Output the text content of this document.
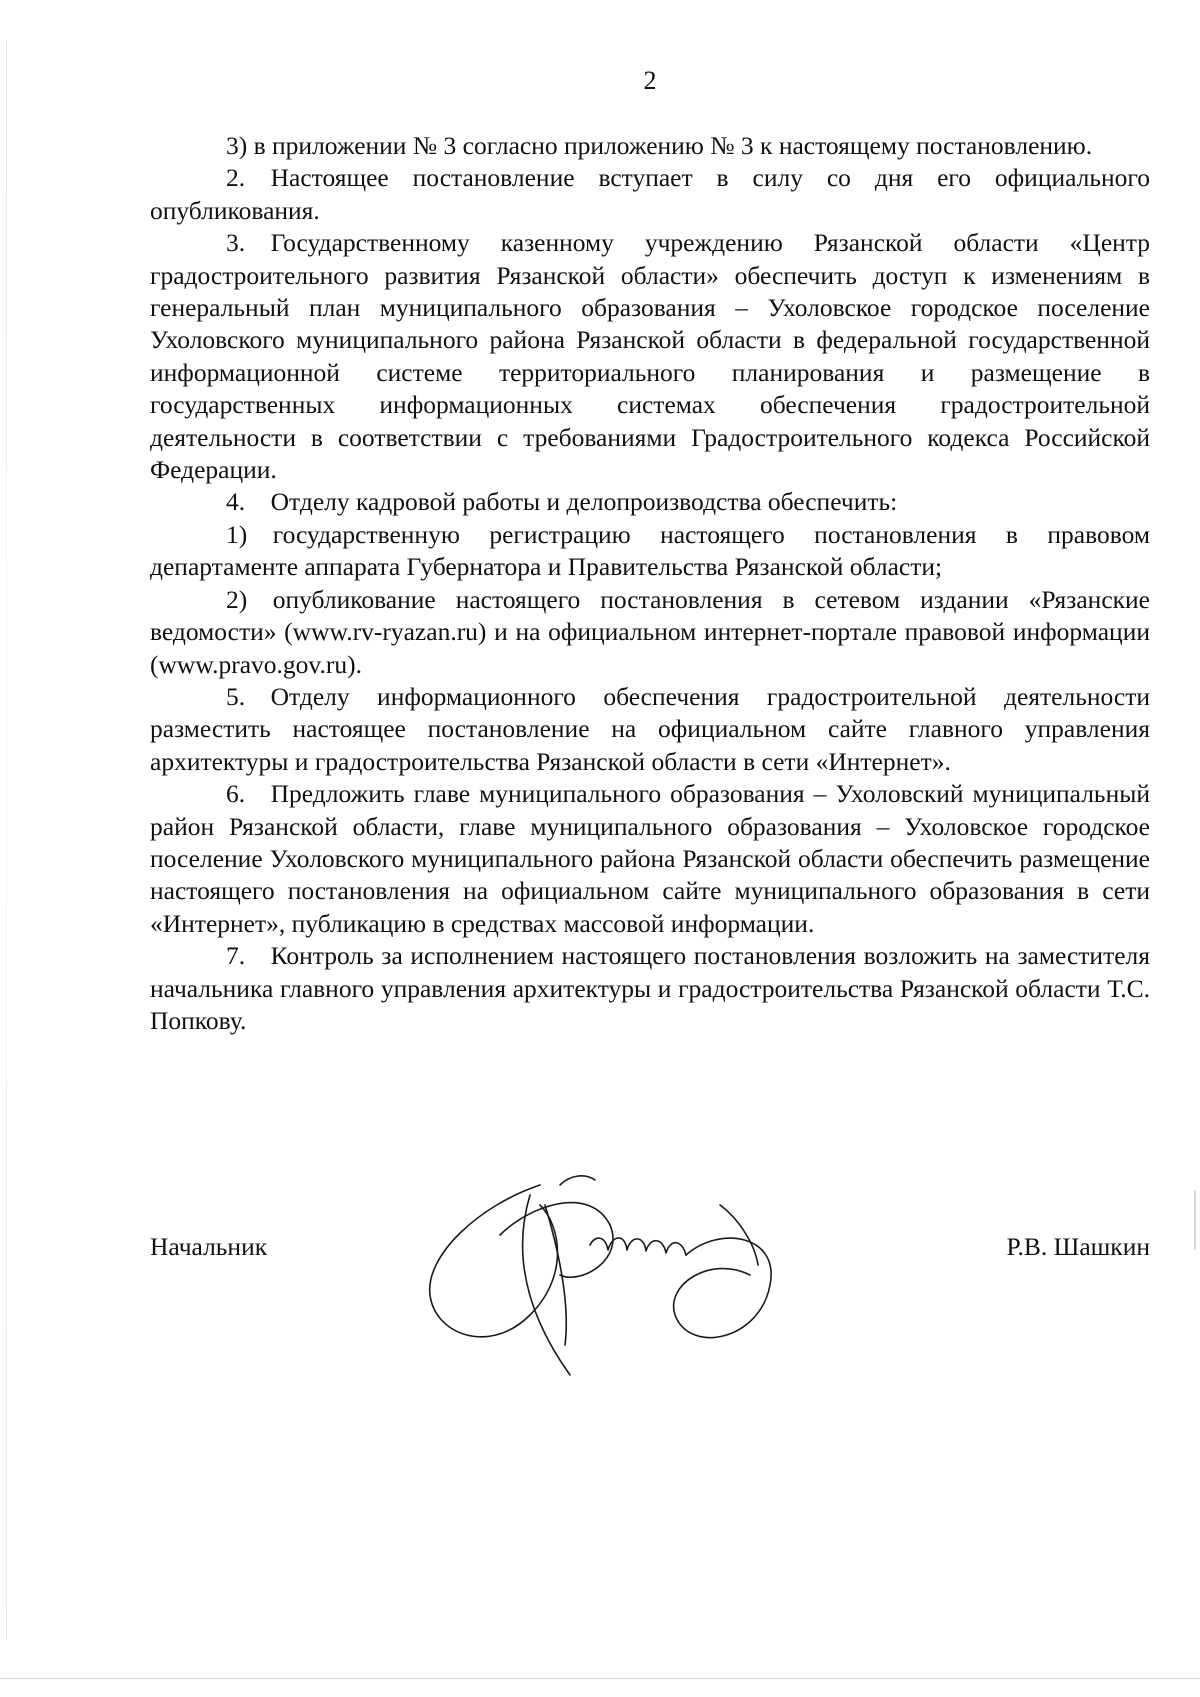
2

3) в приложении № 3 согласно приложению № 3 к настоящему постановлению.

2. Настоящее постановление вступает в силу со дня его официального опубликования.

3. Государственному казенному учреждению Рязанской области «Центр градостроительного развития Рязанской области» обеспечить доступ к изменениям в генеральный план муниципального образования – Ухоловское городское поселение Ухоловского муниципального района Рязанской области в федеральной государственной информационной системе территориального планирования и размещение в государственных информационных системах обеспечения градостроительной деятельности в соответствии с требованиями Градостроительного кодекса Российской Федерации.

4. Отделу кадровой работы и делопроизводства обеспечить:

1) государственную регистрацию настоящего постановления в правовом департаменте аппарата Губернатора и Правительства Рязанской области;

2) опубликование настоящего постановления в сетевом издании «Рязанские ведомости» (www.rv-ryazan.ru) и на официальном интернет-портале правовой информации (www.pravo.gov.ru).

5. Отделу информационного обеспечения градостроительной деятельности разместить настоящее постановление на официальном сайте главного управления архитектуры и градостроительства Рязанской области в сети «Интернет».

6. Предложить главе муниципального образования – Ухоловский муниципальный район Рязанской области, главе муниципального образования – Ухоловское городское поселение Ухоловского муниципального района Рязанской области обеспечить размещение настоящего постановления на официальном сайте муниципального образования в сети «Интернет», публикацию в средствах массовой информации.

7. Контроль за исполнением настоящего постановления возложить на заместителя начальника главного управления архитектуры и градостроительства Рязанской области Т.С. Попкову.

Начальник	Р.В. Шашкин
